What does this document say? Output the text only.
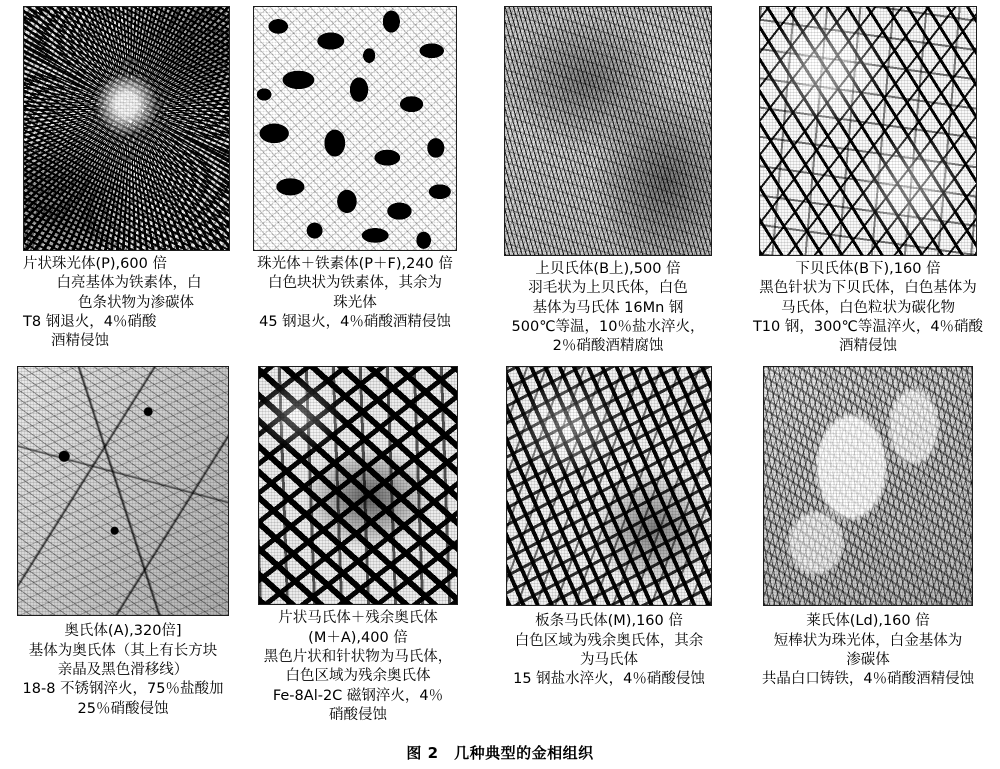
片状珠光体(P),600 倍
白亮基体为铁素体，白
色条状物为渗碳体
T8 钢退火，4％硝酸
酒精侵蚀
珠光体＋铁素体(P＋F),240 倍
白色块状为铁素体，其余为
珠光体
45 钢退火，4％硝酸酒精侵蚀
上贝氏体(B上),500 倍
羽毛状为上贝氏体，白色
基体为马氏体 16Mn 钢
500℃等温，10％盐水淬火，
2％硝酸酒精腐蚀
下贝氏体(B下),160 倍
黑色针状为下贝氏体，白色基体为
马氏体，白色粒状为碳化物
T10 钢，300℃等温淬火，4％硝酸
酒精侵蚀
奥氏体(A),320倍]
基体为奥氏体（其上有长方块
亲晶及黑色滑移线）
18-8 不锈钢淬火，75％盐酸加
25％硝酸侵蚀
片状马氏体＋残余奥氏体
(M＋A),400 倍
黑色片状和针状物为马氏体，
白色区域为残余奥氏体
Fe-8Al-2C 磁钢淬火，4％
硝酸侵蚀
板条马氏体(M),160 倍
白色区域为残余奥氏体，其余
为马氏体
15 钢盐水淬火，4％硝酸侵蚀
莱氏体(Ld),160 倍
短棒状为珠光体，白金基体为
渗碳体
共晶白口铸铁，4％硝酸酒精侵蚀
图 2　几种典型的金相组织
